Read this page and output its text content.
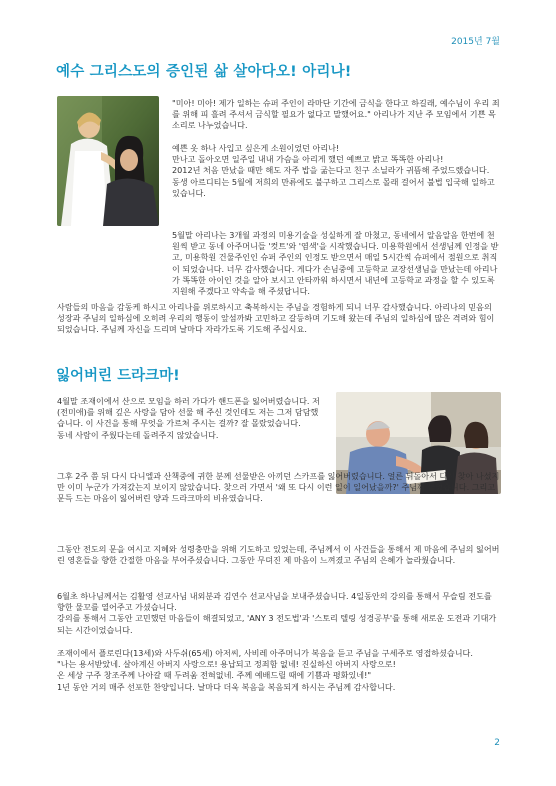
2015년 7월
예수 그리스도의 증인된 삶 살아다오! 아리나!

"미아! 미아! 제가 일하는 슈퍼 주인이 라마단 기간에 금식을 한다고 하길래, 예수님이 우리 죄를 위해 피 흘려 주셔서 금식할 필요가 없다고 말했어요." 아리나가 지난 주 모임에서 기쁜 목소리로 나누었습니다.

예쁜 옷 하나 사입고 싶은게 소원이었던 아리나!
만나고 돌아오면 일주일 내내 가슴을 아리게 했던 예쁘고 밝고 똑똑한 아리나!
2012년 처음 만났을 때만 해도 자주 밥을 굶는다고 친구 소닐라가 귀뜸해 주었드랬습니다.
동생 아르디티는 5월에 저희의 만류에도 불구하고 그리스로 몰래 걸어서 불법 입국해 일하고 있습니다.

5월말 아리나는 3개월 과정의 미용기술을 성실하게 잘 마쳤고, 동네에서 알음알음 한번에 천원씩 받고 동네 아주머니들 '컷트'와 '염색'을 시작했습니다. 미용학원에서 선생님께 인정을 받고, 미용학원 건물주인인 슈퍼 주인의 인정도 받으면서 매일 5시간씩 슈퍼에서 점원으로 취직이 되었습니다. 너무 감사했습니다. 게다가 손님중에 고등학교 교장선생님을 만났는데 아리나가 똑똑한 아이인 것을 알아 보시고 안타까워 하시면서 내년에 고등학교 과정을 할 수 있도록 지원해 주겠다고 약속을 해 주셨답니다.

사람들의 마음을 감동케 하시고 아리나를 위로하시고 축복하시는 주님을 경험하게 되니 너무 감사했습니다. 아리나의 믿음의 성장과 주님의 일하심에 오히려 우리의 행동이 앞섬까봐 고민하고 갈등하며 기도해 왔는데 주님의 일하심에 많은 격려와 힘이 되었습니다. 주님께 자신을 드리며 날마다 자라가도록 기도해 주십시요.

잃어버린 드라크마!

4월말 조재이에서 산으로 모임을 하러 가다가 핸드폰을 잃어버렸습니다. 저(전미애)를 위해 깊은 사랑을 담아 선물 해 주신 것인데도 저는 그저 담담했습니다. 이 사건을 통해 무엇을 가르쳐 주시는 걸까? 잘 몰랐었습니다.
동네 사람이 주웠다는데 돌려주지 않았습니다.

그후 2주 쯤 뒤 다시 다니엘과 산책중에 귀한 분께 선물받은 아끼던 스카프를 잃어버렸습니다. 얼른 뒤돌아서 다시 찾아 나섰지만 이미 누군가 가져갔는지 보이지 않았습니다. 찾으러 가면서 '왜 또 다시 이런 일이 일어났을까?' 주님께 물었습니다. 그리고 문득 드는 마음이 잃어버린 양과 드라크마의 비유였습니다.

그동안 전도의 문을 여시고 지혜와 성령충만을 위해 기도하고 있었는데, 주님께서 이 사건들을 통해서 제 마음에 주님의 잃어버린 영혼들을 향한 간절한 마음을 부어주셨습니다. 그동안 무뎌진 제 마음이 느껴졌고 주님의 은혜가 놀라웠습니다.

6월초 하나님께서는 김활영 선교사님 내외분과 김연수 선교사님을 보내주셨습니다. 4일동안의 강의를 통해서 무슬림 전도를 향한 물꼬를 열어주고 가셨습니다.
강의를 통해서 그동안 고민했던 마음들이 해결되었고, 'ANY 3 전도법'과 '스토리 텔링 성경공부'를 통해 새로운 도전과 기대가 되는 시간이었습니다.

조재이에서 플로린다(13세)와 사두쉬(65세) 아저씨, 사비레 아주머니가 복음을 듣고 주님을 구세주로 영접하셨습니다.
"나는 용서받았네. 살아계신 아버지 사랑으로! 용납되고 정죄함 없네! 진실하신 아버지 사랑으로!
온 세상 구주 창조주께 나아갈 때 두려움 전혀없네. 주께 예배드릴 때에 기쁨과 평화있네!"
1년 동안 거의 매주 선포한 찬양입니다. 날마다 더욱 복음을 복음되게 하시는 주님께 감사합니다.

2
